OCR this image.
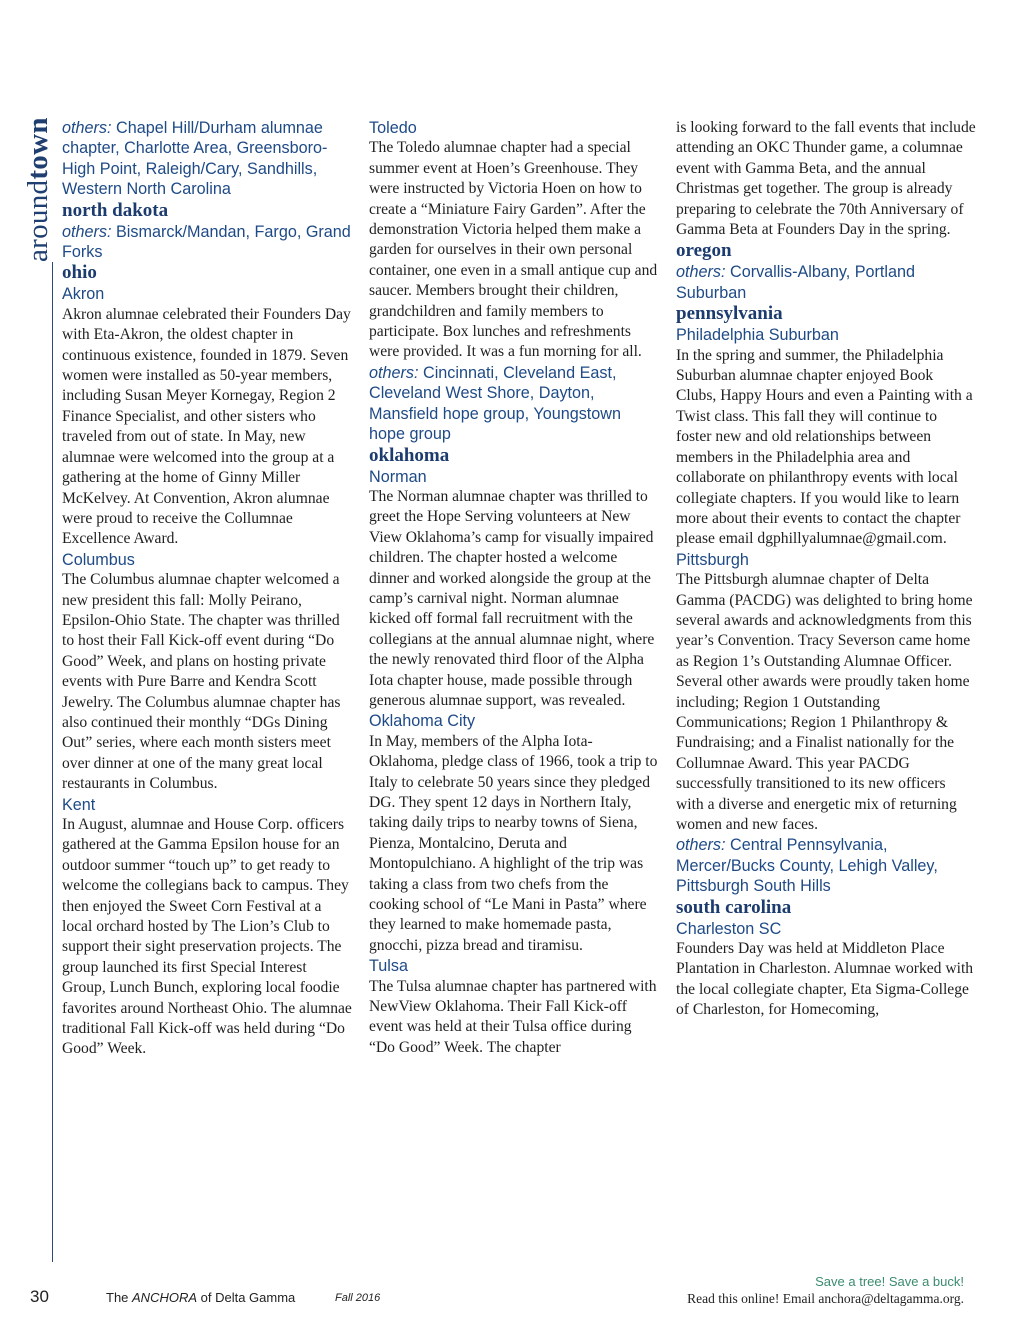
aroundtown others: Chapel Hill/Durham alumnae chapter, Charlotte Area, Greensboro-High Point, Raleigh/Cary, Sandhills, Western North Carolina

north dakota

others: Bismarck/Mandan, Fargo, Grand Forks

ohio

Akron

Akron alumnae celebrated their Founders Day with Eta-Akron, the oldest chapter in continuous existence, founded in 1879. Seven women were installed as 50-year members, including Susan Meyer Kornegay, Region 2 Finance Specialist, and other sisters who traveled from out of state. In May, new alumnae were welcomed into the group at a gathering at the home of Ginny Miller McKelvey. At Convention, Akron alumnae were proud to receive the Collumnae Excellence Award.

Columbus

The Columbus alumnae chapter welcomed a new president this fall: Molly Peirano, Epsilon-Ohio State. The chapter was thrilled to host their Fall Kick-off event during “Do Good” Week, and plans on hosting private events with Pure Barre and Kendra Scott Jewelry. The Columbus alumnae chapter has also continued their monthly “DGs Dining Out” series, where each month sisters meet over dinner at one of the many great local restaurants in Columbus.

Kent

In August, alumnae and House Corp. officers gathered at the Gamma Epsilon house for an outdoor summer “touch up” to get ready to welcome the collegians back to campus. They then enjoyed the Sweet Corn Festival at a local orchard hosted by The Lion’s Club to support their sight preservation projects. The group launched its first Special Interest Group, Lunch Bunch, exploring local foodie favorites around Northeast Ohio. The alumnae traditional Fall Kick-off was held during “Do Good” Week.

Toledo

The Toledo alumnae chapter had a special summer event at Hoen’s Greenhouse. They were instructed by Victoria Hoen on how to create a “Miniature Fairy Garden”. After the demonstration Victoria helped them make a garden for ourselves in their own personal container, one even in a small antique cup and saucer. Members brought their children, grandchildren and family members to participate. Box lunches and refreshments were provided. It was a fun morning for all.

others: Cincinnati, Cleveland East, Cleveland West Shore, Dayton, Mansfield hope group, Youngstown hope group

oklahoma

Norman

The Norman alumnae chapter was thrilled to greet the Hope Serving volunteers at New View Oklahoma’s camp for visually impaired children. The chapter hosted a welcome dinner and worked alongside the group at the camp’s carnival night. Norman alumnae kicked off formal fall recruitment with the collegians at the annual alumnae night, where the newly renovated third floor of the Alpha Iota chapter house, made possible through generous alumnae support, was revealed.

Oklahoma City

In May, members of the Alpha Iota-Oklahoma, pledge class of 1966, took a trip to Italy to celebrate 50 years since they pledged DG. They spent 12 days in Northern Italy, taking daily trips to nearby towns of Siena, Pienza, Montalcino, Deruta and Montopulchiano. A highlight of the trip was taking a class from two chefs from the cooking school of “Le Mani in Pasta” where they learned to make homemade pasta, gnocchi, pizza bread and tiramisu.

Tulsa

The Tulsa alumnae chapter has partnered with NewView Oklahoma. Their Fall Kick-off event was held at their Tulsa office during “Do Good” Week. The chapter

is looking forward to the fall events that include attending an OKC Thunder game, a columnae event with Gamma Beta, and the annual Christmas get together. The group is already preparing to celebrate the 70th Anniversary of Gamma Beta at Founders Day in the spring.

oregon

others: Corvallis-Albany, Portland Suburban

pennsylvania

Philadelphia Suburban

In the spring and summer, the Philadelphia Suburban alumnae chapter enjoyed Book Clubs, Happy Hours and even a Painting with a Twist class. This fall they will continue to foster new and old relationships between members in the Philadelphia area and collaborate on philanthropy events with local collegiate chapters. If you would like to learn more about their events to contact the chapter please email dgphillyalumnae@gmail.com.

Pittsburgh

The Pittsburgh alumnae chapter of Delta Gamma (PACDG) was delighted to bring home several awards and acknowledgments from this year’s Convention. Tracy Severson came home as Region 1’s Outstanding Alumnae Officer. Several other awards were proudly taken home including; Region 1 Outstanding Communications; Region 1 Philanthropy & Fundraising; and a Finalist nationally for the Collumnae Award. This year PACDG successfully transitioned to its new officers with a diverse and energetic mix of returning women and new faces.

others: Central Pennsylvania, Mercer/Bucks County, Lehigh Valley, Pittsburgh South Hills

south carolina

Charleston SC

Founders Day was held at Middleton Place Plantation in Charleston. Alumnae worked with the local collegiate chapter, Eta Sigma-College of Charleston, for Homecoming,

30	The ANCHORA of Delta Gamma	Fall 2016
Save a tree! Save a buck!
Read this online! Email anchora@deltagamma.org.
